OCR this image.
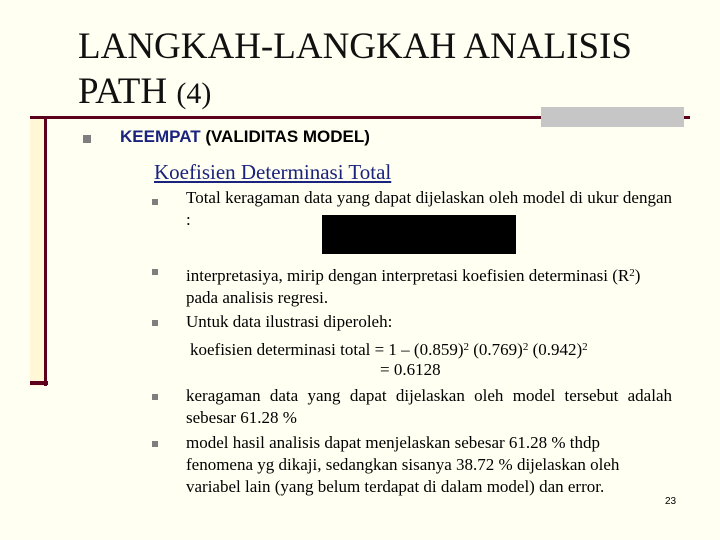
LANGKAH-LANGKAH ANALISIS
PATH (4)
KEEMPAT (VALIDITAS MODEL)
Koefisien Determinasi Total
Total keragaman data yang dapat dijelaskan oleh model di ukur dengan :
interpretasiya, mirip dengan interpretasi koefisien determinasi $(R^2)$ pada analisis regresi.
Untuk data ilustrasi diperoleh:
koefisien determinasi total = $1 - (0.859)^2$ $(0.769)^2$ $(0.942)^2$
= 0.6128
keragaman data yang dapat dijelaskan oleh model tersebut adalah sebesar 61.28 %
model hasil analisis dapat menjelaskan sebesar 61.28 % thdp fenomena yg dikaji, sedangkan sisanya 38.72 % dijelaskan oleh variabel lain (yang belum terdapat di dalam model) dan error.
23
